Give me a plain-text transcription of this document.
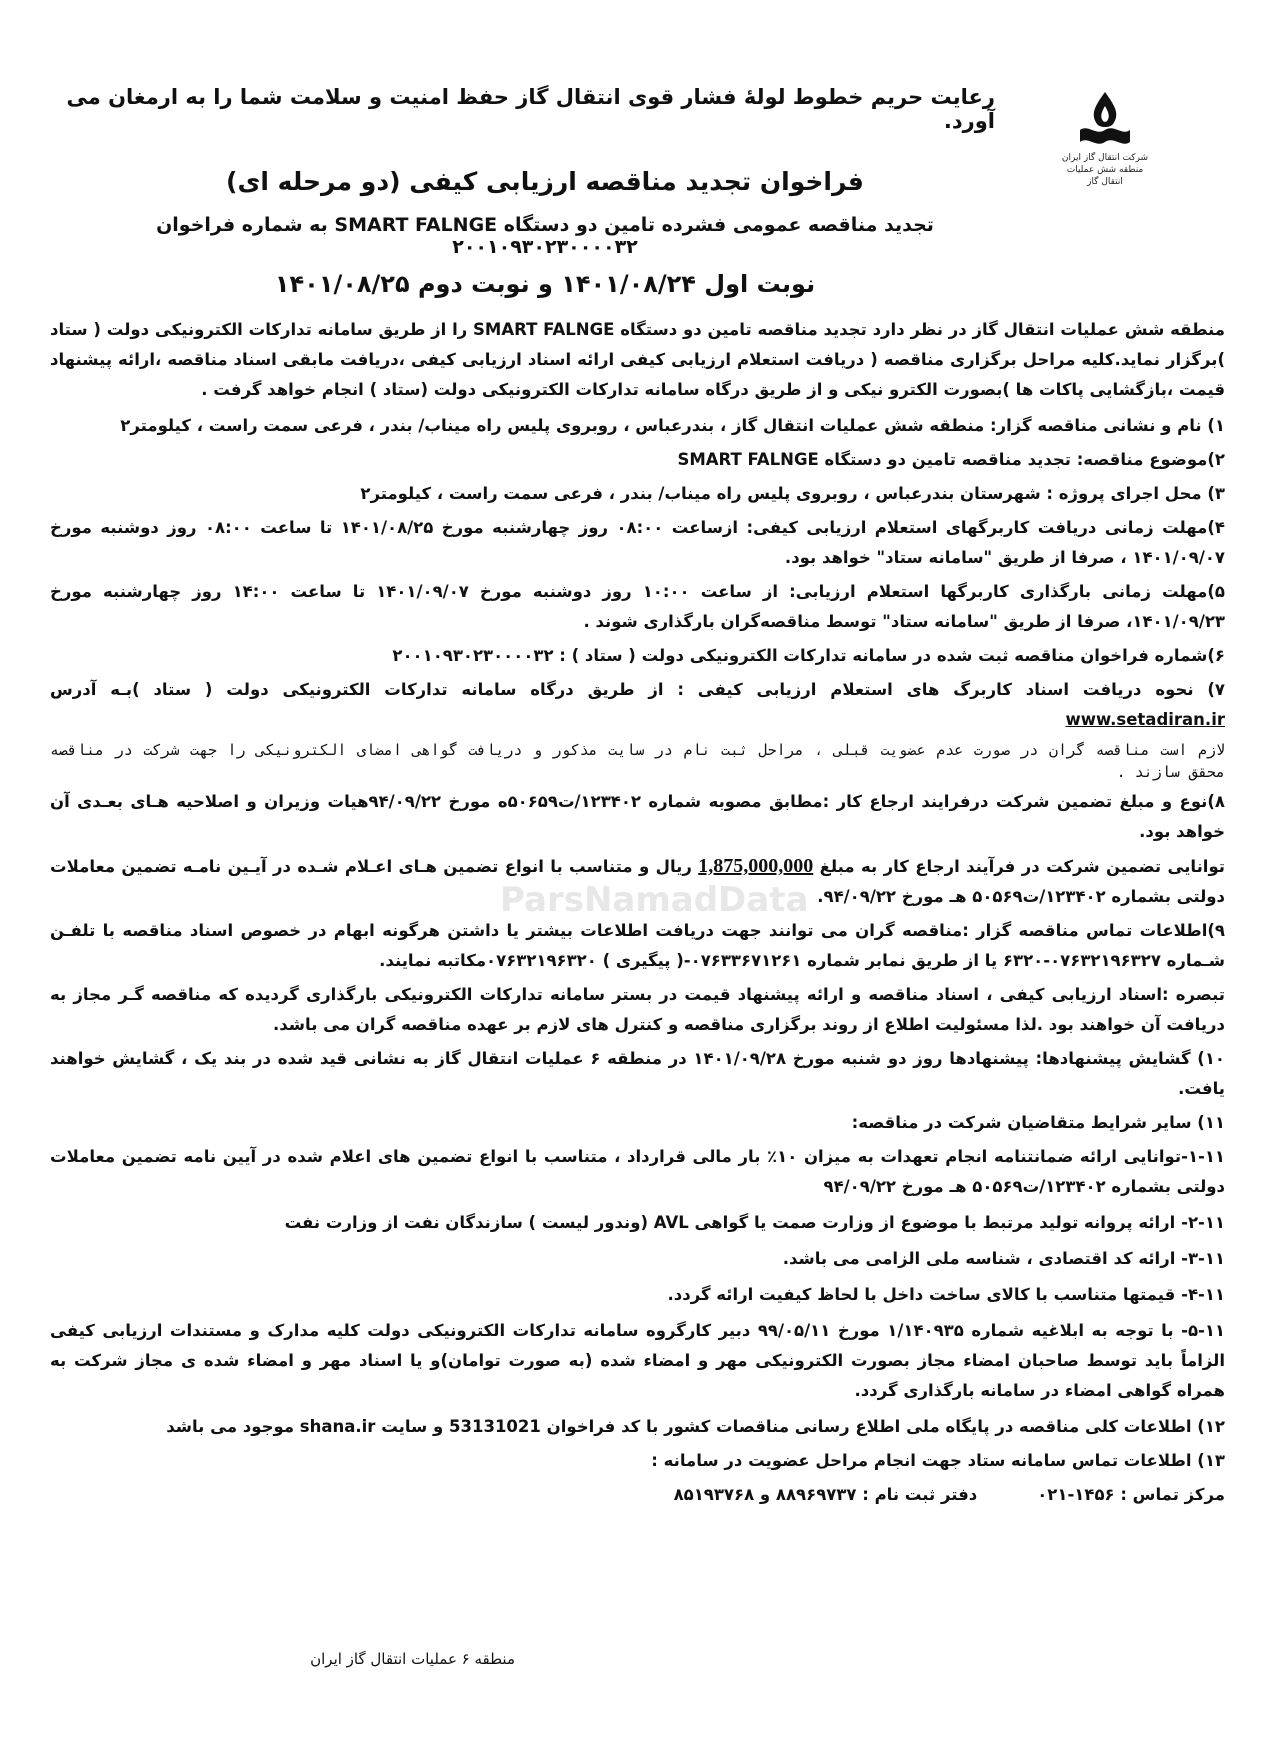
شرکت انتقال گاز ایران
منطقه شش عملیات انتقال گاز
رعایت حریم خطوط لولۀ فشار قوی انتقال گاز حفظ امنیت و سلامت شما را به ارمغان می آورد.
فراخوان تجدید مناقصه ارزیابی کیفی (دو مرحله ای)
تجدید مناقصه عمومی فشرده تامین دو دستگاه SMART FALNGE به شماره فراخوان ۲۰۰۱۰۹۳۰۲۳۰۰۰۰۳۲
نوبت اول ۱۴۰۱/۰۸/۲۴ و نوبت دوم ۱۴۰۱/۰۸/۲۵

منطقه شش عملیات انتقال گاز در نظر دارد تجدید مناقصه تامین دو دستگاه SMART FALNGE را از طریق سامانه تدارکات الکترونیکی دولت ( ستاد )برگزار نماید.کلیه مراحل برگزاری مناقصه ( دریافت استعلام ارزیابی کیفی ارائه اسناد ارزیابی کیفی ،دریافت مابقی اسناد مناقصه ،ارائه پیشنهاد قیمت ،بازگشایی پاکات ها )بصورت الکترو نیکی و از طریق درگاه سامانه تدارکات الکترونیکی دولت (ستاد ) انجام خواهد گرفت .

۱) نام و نشانی مناقصه گزار: منطقه شش عملیات انتقال گاز ، بندرعباس ، روبروی پلیس راه میناب/ بندر ، فرعی سمت راست ، کیلومتر۲
۲)موضوع مناقصه: تجدید مناقصه تامین دو دستگاه SMART FALNGE
۳) محل اجرای پروژه : شهرستان بندرعباس ، روبروی پلیس راه میناب/ بندر ، فرعی سمت راست ، کیلومتر۲
۴)مهلت زمانی دریافت کاربرگهای استعلام ارزیابی کیفی: ازساعت ۰۸:۰۰ روز چهارشنبه مورخ ۱۴۰۱/۰۸/۲۵ تا ساعت ۰۸:۰۰ روز دوشنبه مورخ ۱۴۰۱/۰۹/۰۷ ، صرفا از طریق "سامانه ستاد" خواهد بود.
۵)مهلت زمانی بارگذاری کاربرگها استعلام ارزیابی: از ساعت ۱۰:۰۰ روز دوشنبه مورخ ۱۴۰۱/۰۹/۰۷ تا ساعت ۱۴:۰۰ روز چهارشنبه مورخ ۱۴۰۱/۰۹/۲۳، صرفا از طریق "سامانه ستاد" توسط مناقصه‌گران بارگذاری شوند .
۶)شماره فراخوان مناقصه ثبت شده در سامانه تدارکات الکترونیکی دولت ( ستاد ) : ۲۰۰۱۰۹۳۰۲۳۰۰۰۰۳۲
۷) نحوه دریافت اسناد کاربرگ های استعلام ارزیابی کیفی : از طریق درگاه سامانه تدارکات الکترونیکی دولت ( ستاد )بـه آدرس www.setadiran.ir
لازم است مناقصه گران در صورت عدم عضویت قبلی ، مراحل ثبت نام در سایت مذکور و دریافت گواهی امضای الکترونیکی را جهت شرکت در مناقصه محقق سازند .
۸)نوع و مبلغ تضمین شرکت درفرایند ارجاع کار :مطابق مصوبه شماره ۱۲۳۴۰۲/ت۵۰۶۵۹ه مورخ ۹۴/۰۹/۲۲هیات وزیران و اصلاحیه هـای بعـدی آن خواهد بود.
توانایی تضمین شرکت در فرآیند ارجاع کار به مبلغ 1,875,000,000 ریال و متناسب با انواع تضمین هـای اعـلام شـده در آیـین نامـه تضمین معاملات دولتی بشماره ۱۲۳۴۰۲/ت۵۰۵۶۹ هـ مورخ ۹۴/۰۹/۲۲.
۹)اطلاعات تماس مناقصه گزار :مناقصه گران می توانند جهت دریافت اطلاعات بیشتر یا داشتن هرگونه ابهام در خصوص اسناد مناقصه با تلفـن شـماره ۰۷۶۳۲۱۹۶۳۲۷-۶۳۲۰ یا از طریق نمابر شماره ۰۷۶۳۳۶۷۱۲۶۱-( پیگیری ) ۰۷۶۳۲۱۹۶۳۲۰مکاتبه نمایند.
تبصره :اسناد ارزیابی کیفی ، اسناد مناقصه و ارائه پیشنهاد قیمت در بستر سامانه تدارکات الکترونیکی بارگذاری گردیده که مناقصه گـر مجاز به دریافت آن خواهند بود .لذا مسئولیت اطلاع از روند برگزاری مناقصه و کنترل های لازم بر عهده مناقصه گران می باشد.
۱۰) گشایش پیشنهادها: پیشنهادها روز دو شنبه مورخ ۱۴۰۱/۰۹/۲۸ در منطقه ۶ عملیات انتقال گاز به نشانی قید شده در بند یک ، گشایش خواهند یافت.
۱۱) سایر شرایط متقاضیان شرکت در مناقصه:
۱-۱۱-توانایی ارائه ضمانتنامه انجام تعهدات به میزان ۱۰٪ بار مالی قرارداد ، متناسب با انواع تضمین های اعلام شده در آیین نامه تضمین معاملات دولتی بشماره ۱۲۳۴۰۲/ت۵۰۵۶۹ هـ مورخ ۹۴/۰۹/۲۲
۲-۱۱- ارائه پروانه تولید مرتبط با موضوع از وزارت صمت یا گواهی AVL (وندور لیست ) سازندگان نفت از وزارت نفت
۳-۱۱- ارائه کد اقتصادی ، شناسه ملی الزامی می باشد.
۴-۱۱- قیمتها متناسب با کالای ساخت داخل با لحاظ کیفیت ارائه گردد.
۵-۱۱- با توجه به ابلاغیه شماره ۱/۱۴۰۹۳۵ مورخ ۹۹/۰۵/۱۱ دبیر کارگروه سامانه تدارکات الکترونیکی دولت کلیه مدارک و مستندات ارزیابی کیفی الزاماً باید توسط صاحبان امضاء مجاز بصورت الکترونیکی مهر و امضاء شده (به صورت توامان)و یا اسناد مهر و امضاء شده ی مجاز شرکت به همراه گواهی امضاء در سامانه بارگذاری گردد.
۱۲) اطلاعات کلی مناقصه در پایگاه ملی اطلاع رسانی مناقصات کشور با کد فراخوان 53131021 و سایت shana.ir موجود می باشد
۱۳) اطلاعات تماس سامانه ستاد جهت انجام مراحل عضویت در سامانه :
مرکز تماس : ۱۴۵۶-۰۲۱
دفتر ثبت نام : ۸۸۹۶۹۷۳۷ و ۸۵۱۹۳۷۶۸
ParsNamadData
منطقه ۶ عملیات انتقال گاز ایران
